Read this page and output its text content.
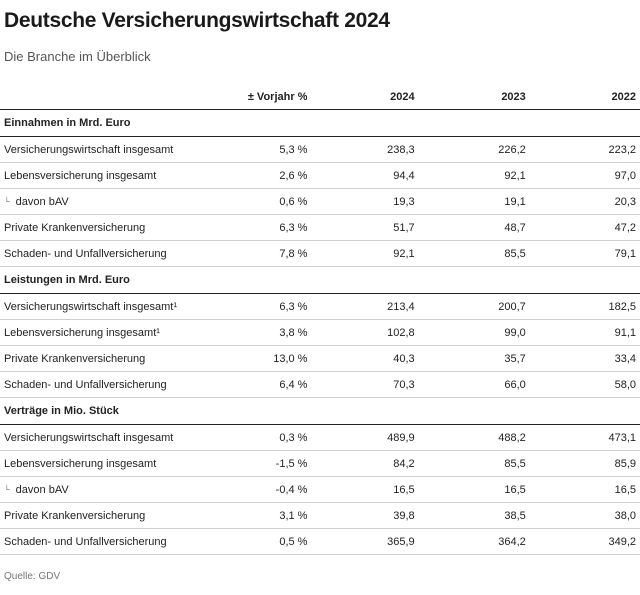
Deutsche Versicherungswirtschaft 2024
Die Branche im Überblick
	± Vorjahr %	2024	2023	2022
Einnahmen in Mrd. Euro				
Versicherungswirtschaft insgesamt	5,3 %	238,3	226,2	223,2
Lebensversicherung insgesamt	2,6 %	94,4	92,1	97,0
└ davon bAV	0,6 %	19,3	19,1	20,3
Private Krankenversicherung	6,3 %	51,7	48,7	47,2
Schaden- und Unfallversicherung	7,8 %	92,1	85,5	79,1
Leistungen in Mrd. Euro				
Versicherungswirtschaft insgesamt¹	6,3 %	213,4	200,7	182,5
Lebensversicherung insgesamt¹	3,8 %	102,8	99,0	91,1
Private Krankenversicherung	13,0 %	40,3	35,7	33,4
Schaden- und Unfallversicherung	6,4 %	70,3	66,0	58,0
Verträge in Mio. Stück				
Versicherungswirtschaft insgesamt	0,3 %	489,9	488,2	473,1
Lebensversicherung insgesamt	-1,5 %	84,2	85,5	85,9
└ davon bAV	-0,4 %	16,5	16,5	16,5
Private Krankenversicherung	3,1 %	39,8	38,5	38,0
Schaden- und Unfallversicherung	0,5 %	365,9	364,2	349,2
Quelle: GDV
